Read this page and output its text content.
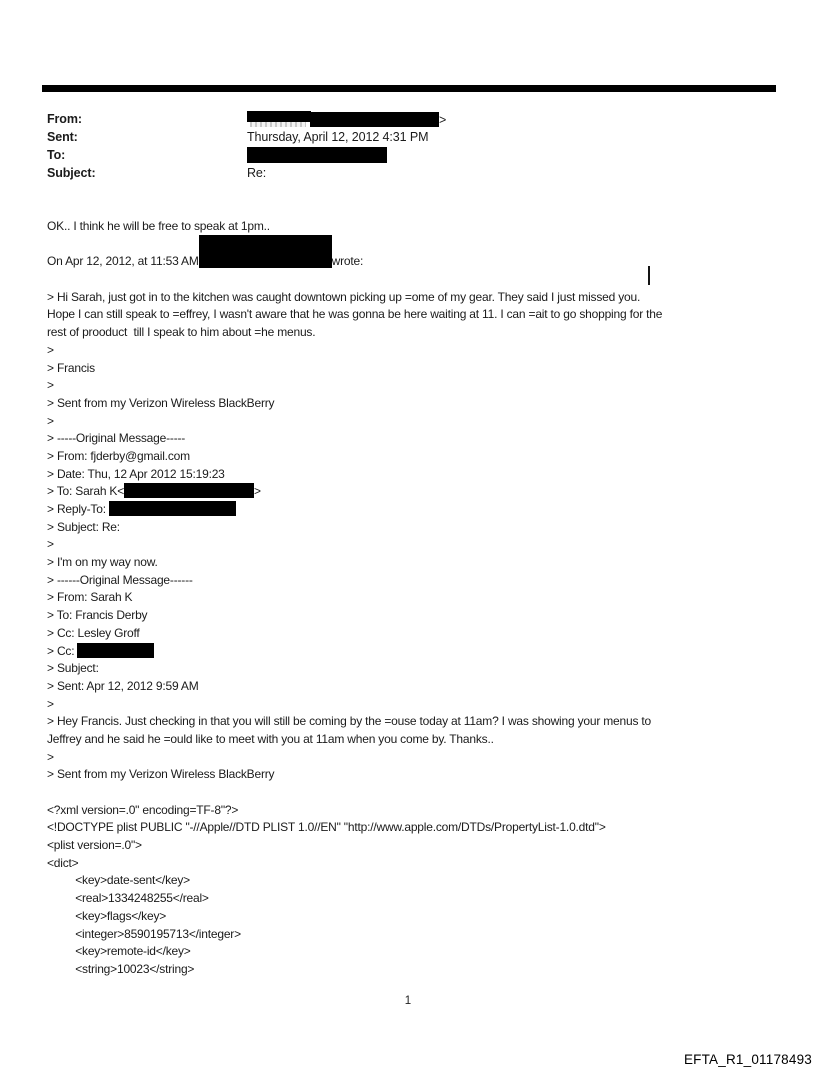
From:	>
Sent:	Thursday, April 12, 2012 4:31 PM
To:
Subject:	Re:
OK.. I think he will be free to speak at 1pm..
On Apr 12, 2012, at 11:53 AM	wrote:
> Hi Sarah, just got in to the kitchen was caught downtown picking up =ome of my gear. They said I just missed you.
Hope I can still speak to =effrey, I wasn't aware that he was gonna be here waiting at 11. I can =ait to go shopping for the
rest of prooduct  till I speak to him about =he menus.
>
> Francis
>
> Sent from my Verizon Wireless BlackBerry
>
> -----Original Message-----
> From: fjderby@gmail.com
> Date: Thu, 12 Apr 2012 15:19:23
> To: Sarah K<	>
> Reply-To:
> Subject: Re:
>
> I'm on my way now.
> ------Original Message------
> From: Sarah K
> To: Francis Derby
> Cc: Lesley Groff
> Cc:
> Subject:
> Sent: Apr 12, 2012 9:59 AM
>
> Hey Francis. Just checking in that you will still be coming by the =ouse today at 11am? I was showing your menus to
Jeffrey and he said he =ould like to meet with you at 11am when you come by. Thanks..
>
> Sent from my Verizon Wireless BlackBerry
<?xml version=.0" encoding=TF-8"?>
<!DOCTYPE plist PUBLIC "-//Apple//DTD PLIST 1.0//EN" "http://www.apple.com/DTDs/PropertyList-1.0.dtd">
<plist version=.0">
<dict>
<key>date-sent</key>
<real>1334248255</real>
<key>flags</key>
<integer>8590195713</integer>
<key>remote-id</key>
<string>10023</string>
1
EFTA_R1_01178493
